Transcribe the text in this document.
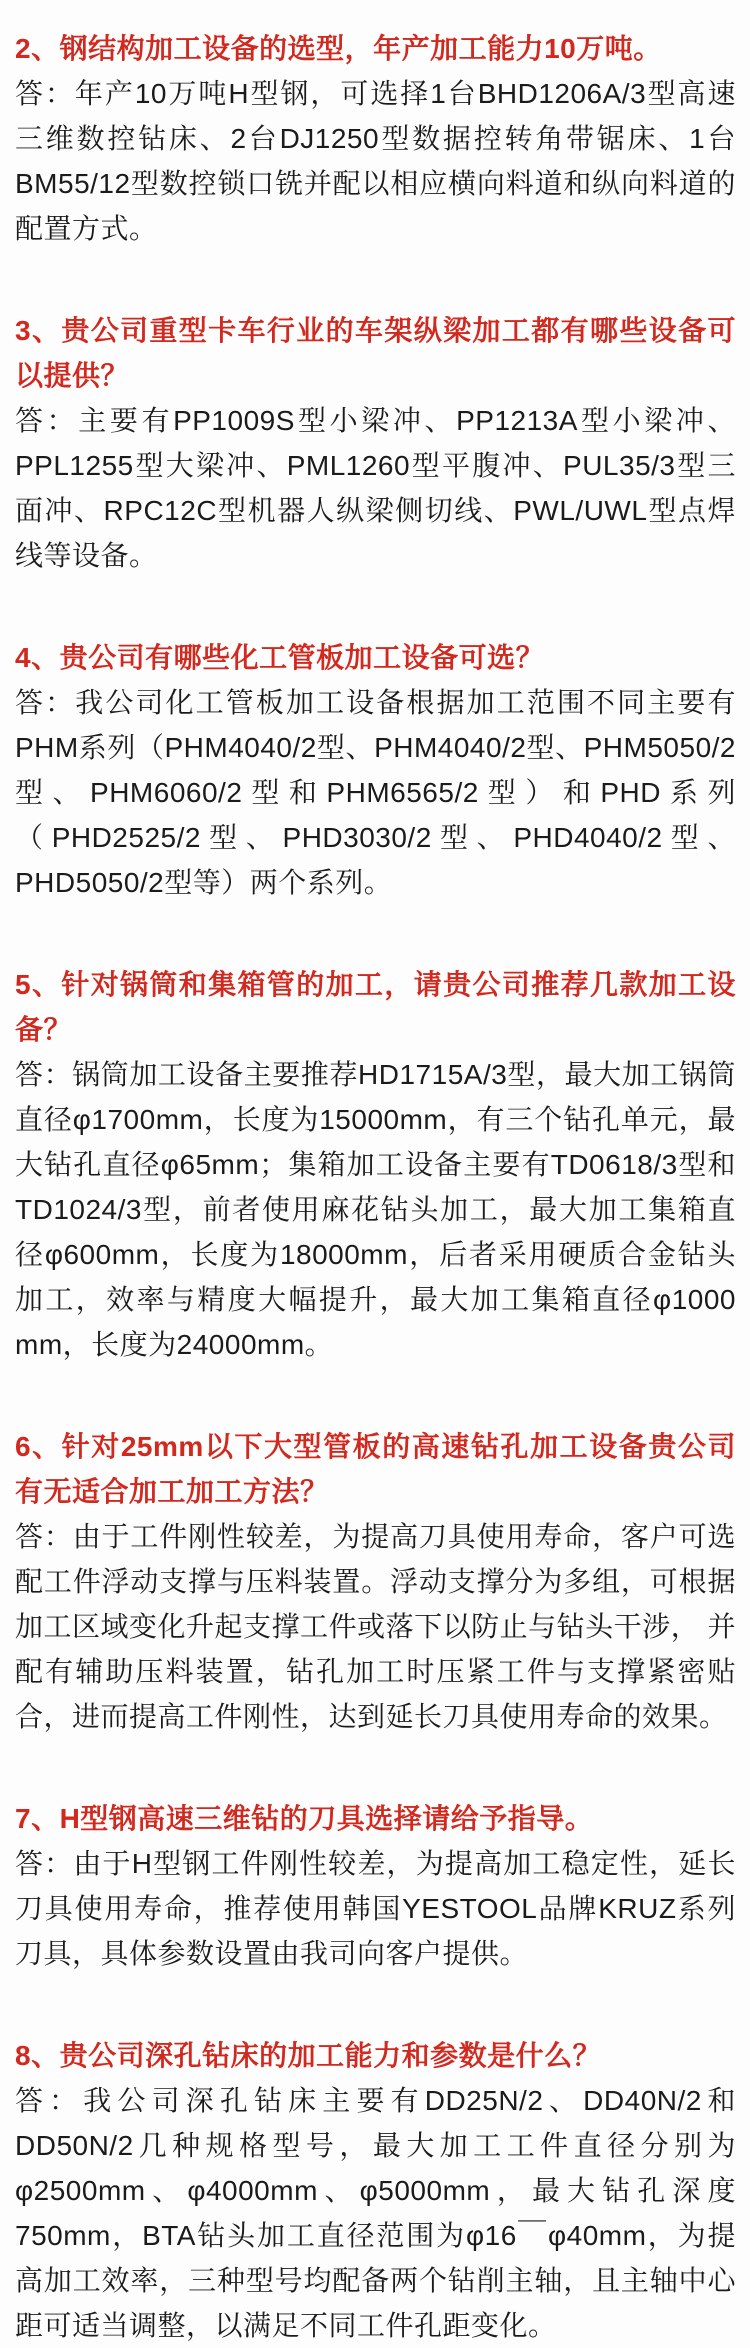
2、钢结构加工设备的选型，年产加工能力10万吨。
答：年产10万吨H型钢，可选择1台BHD1206A/3型高速三维数控钻床、2台DJ1250型数据控转角带锯床、1台BM55/12型数控锁口铣并配以相应横向料道和纵向料道的配置方式。
3、贵公司重型卡车行业的车架纵梁加工都有哪些设备可以提供？
答：主要有PP1009S型小梁冲、PP1213A型小梁冲、PPL1255型大梁冲、PML1260型平腹冲、PUL35/3型三面冲、RPC12C型机器人纵梁侧切线、PWL/UWL型点焊线等设备。
4、贵公司有哪些化工管板加工设备可选？
答：我公司化工管板加工设备根据加工范围不同主要有PHM系列（PHM4040/2型、PHM4040/2型、PHM5050/2型、PHM6060/2型和PHM6565/2型）和PHD系列（PHD2525/2型、PHD3030/2型、PHD4040/2型、PHD5050/2型等）两个系列。
5、针对锅筒和集箱管的加工，请贵公司推荐几款加工设备？
答：锅筒加工设备主要推荐HD1715A/3型，最大加工锅筒直径φ1700mm，长度为15000mm，有三个钻孔单元，最大钻孔直径φ65mm；集箱加工设备主要有TD0618/3型和TD1024/3型，前者使用麻花钻头加工，最大加工集箱直径φ600mm，长度为18000mm，后者采用硬质合金钻头加工，效率与精度大幅提升，最大加工集箱直径φ1000 mm，长度为24000mm。
6、针对25mm以下大型管板的高速钻孔加工设备贵公司有无适合加工加工方法？
答：由于工件刚性较差，为提高刀具使用寿命，客户可选配工件浮动支撑与压料装置。浮动支撑分为多组，可根据加工区域变化升起支撑工件或落下以防止与钻头干涉， 并配有辅助压料装置，钻孔加工时压紧工件与支撑紧密贴合，进而提高工件刚性，达到延长刀具使用寿命的效果。
7、H型钢高速三维钻的刀具选择请给予指导。
答：由于H型钢工件刚性较差，为提高加工稳定性，延长刀具使用寿命，推荐使用韩国YESTOOL品牌KRUZ系列刀具，具体参数设置由我司向客户提供。
8、贵公司深孔钻床的加工能力和参数是什么？
答：我公司深孔钻床主要有DD25N/2、DD40N/2和DD50N/2几种规格型号，最大加工工件直径分别为φ2500mm、φ4000mm、φ5000mm，最大钻孔深度750mm，BTA钻头加工直径范围为φ16￣φ40mm，为提高加工效率，三种型号均配备两个钻削主轴，且主轴中心距可适当调整，以满足不同工件孔距变化。
